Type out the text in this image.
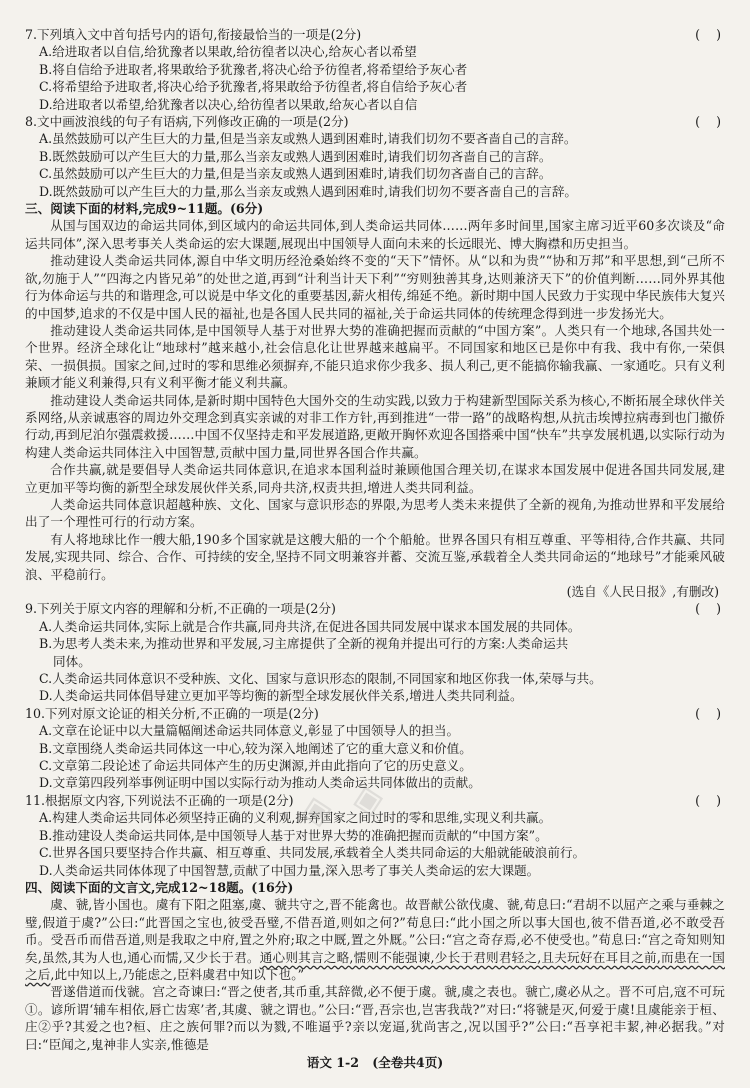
7.下列填入文中首句括号内的语句,衔接最恰当的一项是(2分)	(    )
A.给进取者以自信,给犹豫者以果敢,给彷徨者以决心,给灰心者以希望
B.将自信给予进取者,将果敢给予犹豫者,将决心给予彷徨者,将希望给予灰心者
C.将希望给予进取者,将决心给予犹豫者,将果敢给予彷徨者,将自信给予灰心者
D.给进取者以希望,给犹豫者以决心,给彷徨者以果敢,给灰心者以自信
8.文中画波浪线的句子有语病,下列修改正确的一项是(2分)	(    )
A.虽然鼓励可以产生巨大的力量,但是当亲友或熟人遇到困难时,请我们切勿不要吝啬自己的言辞。
B.既然鼓励可以产生巨大的力量,那么当亲友或熟人遇到困难时,请我们切勿吝啬自己的言辞。
C.虽然鼓励可以产生巨大的力量,但是当亲友或熟人遇到困难时,请我们切勿吝啬自己的言辞。
D.既然鼓励可以产生巨大的力量,那么当亲友或熟人遇到困难时,请我们切勿不要吝啬自己的言辞。
三、阅读下面的材料,完成9~11题。(6分)
从国与国双边的命运共同体,到区域内的命运共同体,到人类命运共同体……两年多时间里,国家主席习近平60多次谈及“命运共同体”,深入思考事关人类命运的宏大课题,展现出中国领导人面向未来的长远眼光、博大胸襟和历史担当。
推动建设人类命运共同体,源自中华文明历经沧桑始终不变的“天下”情怀。从“以和为贵”“协和万邦”和平思想,到“己所不欲,勿施于人”“四海之内皆兄弟”的处世之道,再到“计利当计天下利”“穷则独善其身,达则兼济天下”的价值判断……同外界其他行为体命运与共的和谐理念,可以说是中华文化的重要基因,薪火相传,绵延不绝。新时期中国人民致力于实现中华民族伟大复兴的中国梦,追求的不仅是中国人民的福祉,也是各国人民共同的福祉,关于命运共同体的传统理念得到进一步发扬光大。
推动建设人类命运共同体,是中国领导人基于对世界大势的准确把握而贡献的“中国方案”。人类只有一个地球,各国共处一个世界。经济全球化让“地球村”越来越小,社会信息化让世界越来越扁平。不同国家和地区已是你中有我、我中有你,一荣俱荣、一损俱损。国家之间,过时的零和思维必须摒弃,不能只追求你少我多、损人利己,更不能搞你输我赢、一家通吃。只有义利兼顾才能义利兼得,只有义利平衡才能义利共赢。
推动建设人类命运共同体,是新时期中国特色大国外交的生动实践,以致力于构建新型国际关系为核心,不断拓展全球伙伴关系网络,从亲诚惠容的周边外交理念到真实亲诚的对非工作方针,再到推进“一带一路”的战略构想,从抗击埃博拉病毒到也门撤侨行动,再到尼泊尔强震救援……中国不仅坚持走和平发展道路,更敞开胸怀欢迎各国搭乘中国“快车”共享发展机遇,以实际行动为构建人类命运共同体注入中国智慧,贡献中国力量,同世界各国合作共赢。
合作共赢,就是要倡导人类命运共同体意识,在追求本国利益时兼顾他国合理关切,在谋求本国发展中促进各国共同发展,建立更加平等均衡的新型全球发展伙伴关系,同舟共济,权责共担,增进人类共同利益。
人类命运共同体意识超越种族、文化、国家与意识形态的界限,为思考人类未来提供了全新的视角,为推动世界和平发展给出了一个理性可行的行动方案。
有人将地球比作一艘大船,190多个国家就是这艘大船的一个个船舱。世界各国只有相互尊重、平等相待,合作共赢、共同发展,实现共同、综合、合作、可持续的安全,坚持不同文明兼容并蓄、交流互鉴,承载着全人类共同命运的“地球号”才能乘风破浪、平稳前行。
(选自《人民日报》,有删改)
9.下列关于原文内容的理解和分析,不正确的一项是(2分)	(    )
A.人类命运共同体,实际上就是合作共赢,同舟共济,在促进各国共同发展中谋求本国发展的共同体。
B.为思考人类未来,为推动世界和平发展,习主席提供了全新的视角并提出可行的方案:人类命运共
同体。
C.人类命运共同体意识不受种族、文化、国家与意识形态的限制,不同国家和地区你我一体,荣辱与共。
D.人类命运共同体倡导建立更加平等均衡的新型全球发展伙伴关系,增进人类共同利益。
10.下列对原文论证的相关分析,不正确的一项是(2分)	(    )
A.文章在论证中以大量篇幅阐述命运共同体意义,彰显了中国领导人的担当。
B.文章围绕人类命运共同体这一中心,较为深入地阐述了它的重大意义和价值。
C.文章第二段论述了命运共同体产生的历史渊源,并由此指向了它的历史意义。
D.文章第四段列举事例证明中国以实际行动为推动人类命运共同体做出的贡献。
11.根据原文内容,下列说法不正确的一项是(2分)	(    )
A.构建人类命运共同体必须坚持正确的义利观,摒弃国家之间过时的零和思维,实现义利共赢。
B.推动建设人类命运共同体,是中国领导人基于对世界大势的准确把握而贡献的“中国方案”。
C.世界各国只要坚持合作共赢、相互尊重、共同发展,承载着全人类共同命运的大船就能破浪前行。
D.人类命运共同体体现了中国智慧,贡献了中国力量,深入思考了事关人类命运的宏大课题。
四、阅读下面的文言文,完成12~18题。(16分)
虞、虢,皆小国也。虞有下阳之阻塞,虞、虢共守之,晋不能禽也。故晋献公欲伐虞、虢,荀息曰:“君胡不以屈产之乘与垂棘之璧,假道于虞?”公曰:“此晋国之宝也,彼受吾璧,不借吾道,则如之何?”荀息曰:“此小国之所以事大国也,彼不借吾道,必不敢受吾币。受吾币而借吾道,则是我取之中府,置之外府;取之中厩,置之外厩。”公曰:“宫之奇存焉,必不使受也。”荀息曰:“宫之奇知则知矣,虽然,其为人也,通心而懦,又少长于君。通心则其言之略,懦则不能强谏,少长于君则君轻之,且夫玩好在耳目之前,而患在一国之后,此中知以上,乃能虑之,臣料虞君中知以下也。”
晋遂借道而伐虢。宫之奇谏曰:“晋之使者,其币重,其辞微,必不便于虞。虢,虞之表也。虢亡,虞必从之。晋不可启,寇不可玩①。谚所谓‘辅车相依,唇亡齿寒’者,其虞、虢之谓也。”公曰:“晋,吾宗也,岂害我哉?”对曰:“将虢是灭,何爱于虞!且虞能亲于桓、庄②乎?其爱之也?桓、庄之族何罪?而以为戮,不唯逼乎?亲以宠逼,犹尚害之,况以国乎?”公曰:“吾享祀丰絜,神必据我。”对曰:“臣闻之,鬼神非人实亲,惟德是
◈ ◈
语文 1-2   (全卷共4页)
